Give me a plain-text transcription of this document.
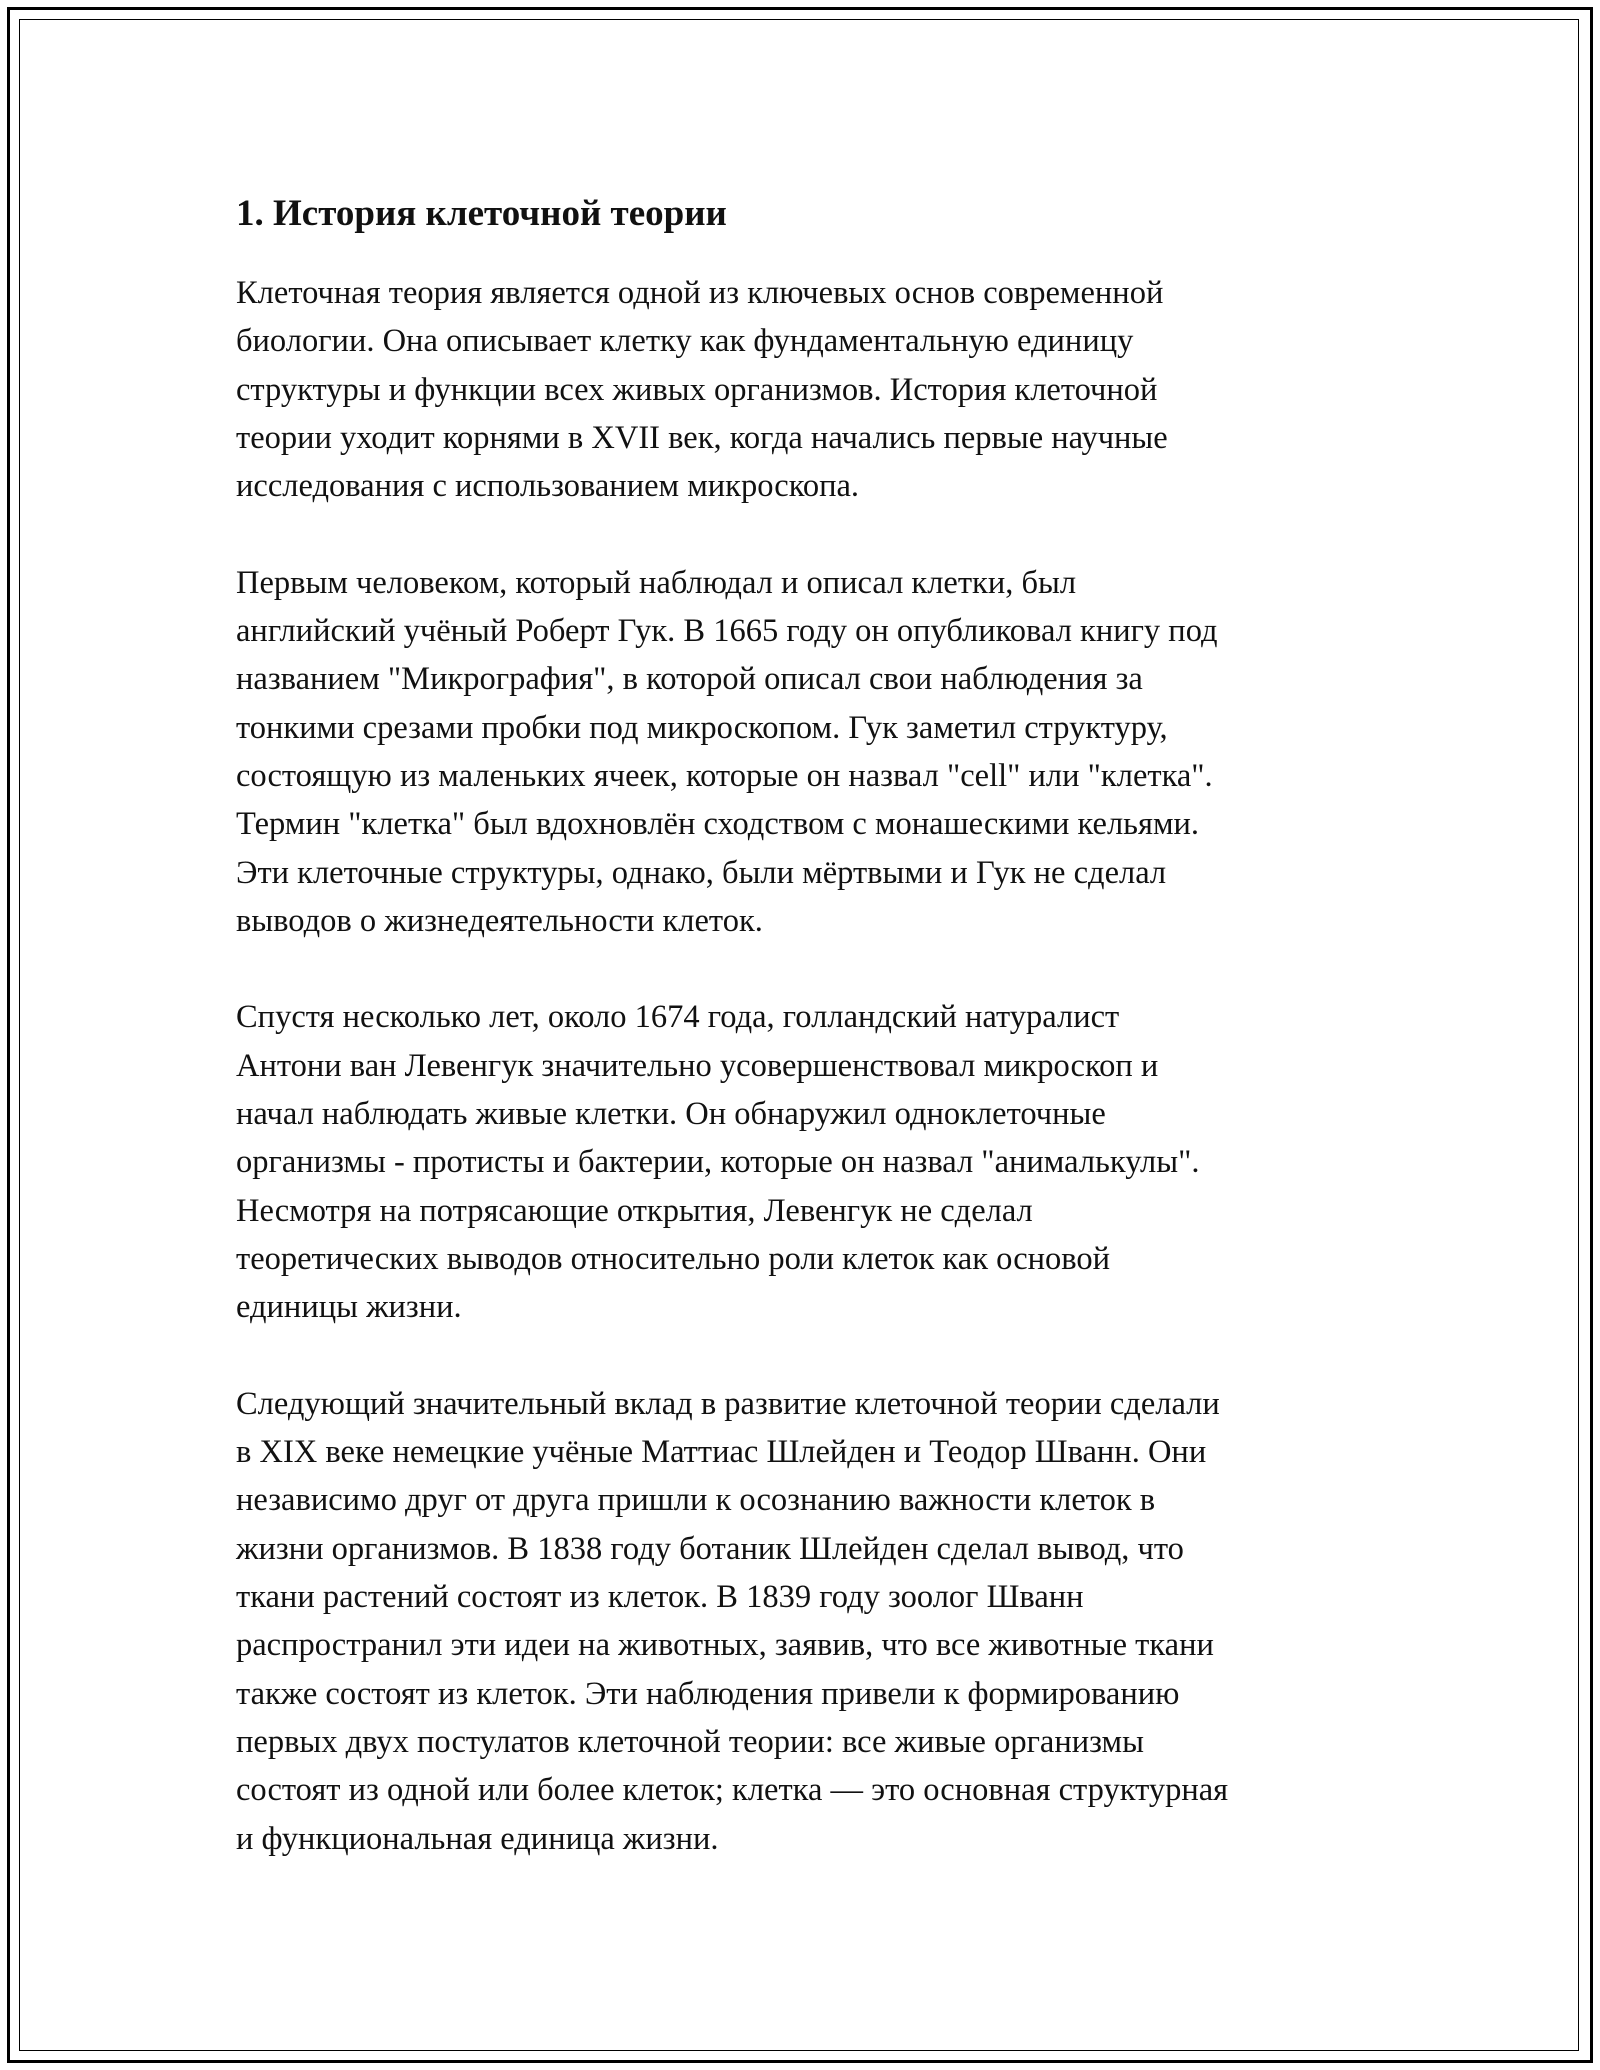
1. История клеточной теории
Клеточная теория является одной из ключевых основ современной
биологии. Она описывает клетку как фундаментальную единицу
структуры и функции всех живых организмов. История клеточной
теории уходит корнями в XVII век, когда начались первые научные
исследования с использованием микроскопа.
Первым человеком, который наблюдал и описал клетки, был
английский учёный Роберт Гук. В 1665 году он опубликовал книгу под
названием "Микрография", в которой описал свои наблюдения за
тонкими срезами пробки под микроскопом. Гук заметил структуру,
состоящую из маленьких ячеек, которые он назвал "cell" или "клетка".
Термин "клетка" был вдохновлён сходством с монашескими кельями.
Эти клеточные структуры, однако, были мёртвыми и Гук не сделал
выводов о жизнедеятельности клеток.
Спустя несколько лет, около 1674 года, голландский натуралист
Антони ван Левенгук значительно усовершенствовал микроскоп и
начал наблюдать живые клетки. Он обнаружил одноклеточные
организмы - протисты и бактерии, которые он назвал "анималькулы".
Несмотря на потрясающие открытия, Левенгук не сделал
теоретических выводов относительно роли клеток как основой
единицы жизни.
Следующий значительный вклад в развитие клеточной теории сделали
в XIX веке немецкие учёные Маттиас Шлейден и Теодор Шванн. Они
независимо друг от друга пришли к осознанию важности клеток в
жизни организмов. В 1838 году ботаник Шлейден сделал вывод, что
ткани растений состоят из клеток. В 1839 году зоолог Шванн
распространил эти идеи на животных, заявив, что все животные ткани
также состоят из клеток. Эти наблюдения привели к формированию
первых двух постулатов клеточной теории: все живые организмы
состоят из одной или более клеток; клетка — это основная структурная
и функциональная единица жизни.
